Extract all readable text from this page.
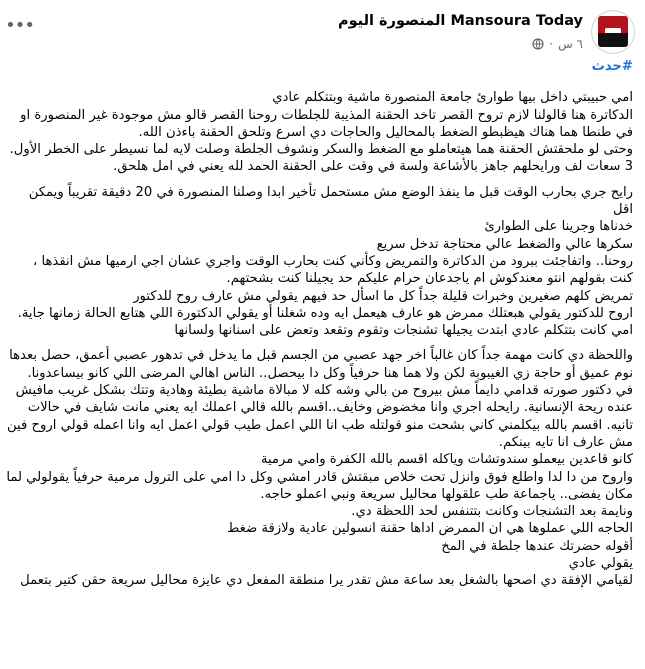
Mansoura Today المنصورة اليوم
٦ س
·
•••
#حدث

امي حبيبتي داخل بيها طوارئ جامعة المنصورة ماشية وبتتكلم عادي

الدكاترة هنا قالولنا لازم تروح القصر تاخد الحقنة المذيبة للجلطات روحنا القصر قالو مش موجودة غير المنصورة او في طنطا هما هناك هيظبطو الضغط بالمحاليل والحاجات دي اسرع وتلحق الحقنة باءذن الله.

وحتى لو ملحقتش الحقنة هما هيتعاملو مع الضغط والسكر ونشوف الجلطة وصلت لايه لما نسيطر على الخطر الأول.

3 سعات لف ورايحلهم جاهز بالأشاعة ولسة في وقت على الحقنة الحمد لله يعني في امل هلحق.

رايح جري بحارب الوقت قبل ما ينفذ الوضع مش مستحمل تأخير ابدا وصلنا المنصورة في 20 دقيقة تقريباً ويمكن اقل

خدناها وجرينا على الطوارئ

سكرها عالي والضغط عالي محتاجة تدخل سريع

روحنا.. واتفاجئت ببرود من الدكاترة والتمريض وكأني كنت بحارب الوقت واجري عشان اجي ارميها مش انقذها ، كنت بقولهم انتو معندكوش ام ياجدعان حرام عليكم حد يجيلنا كنت بشحتهم.

تمريض كلهم صغيرين وخبرات قليلة جداً كل ما اسأل حد فيهم يقولي مش عارف روح للدكتور

اروح للدكتور يقولي هبعتلك ممرض هو عارف هيعمل ايه وده شغلنا أو يقولي الدكتورة اللي هتابع الحالة زمانها جاية.

امي كانت بتتكلم عادي ابتدت يجيلها تشنجات وتقوم وتقعد وتعض على اسنانها ولسانها

واللحظة دي كانت مهمة جداً كان غالباً اخر جهد عصبي من الجسم قبل ما يدخل في تدهور عصبي أعمق، حصل بعدها نوم عميق أو حاجة زي الغيبوبة لكن ولا هما هنا حرفياً وكل دا بيحصل.. الناس اهالي المرضى اللي كانو بيساعدونا.

في دكتور صورته قدامي دايماً مش بيروح من بالي وشه كله لا مبالاة ماشية بطيئة وهادية وتتك بشكل غريب مافيش عنده ريحة الإنسانية. رايحله اجري وانا مخضوض وخايف..اقسم بالله قالي اعملك ايه يعني مانت شايف في حالات تانيه. اقسم بالله بيكلمني كاني بشحت منو قولتله طب انا اللي اعمل طيب قولي اعمل ايه وانا اعمله قولي اروح فين مش عارف انا تايه بينكم.

كانو قاعدين بيعملو سندوتشات وياكله اقسم بالله الكفرة وامي مرمية

واروح من دا لدا واطلع فوق وانزل تحت خلاص مبقتش قادر امشي وكل دا امي على الترول مرمية حرفياً يقولولي لما مكان يفضى.. ياجماعة طب علقولها محاليل سريعة ونبي اعملو حاجه.

ونايمة بعد التشنجات وكانت بتتنفس لحد اللحظة دي.

الحاجه اللي عملوها هي ان الممرض اداها حقنة انسولين عادية ولازقة ضغط

أقوله حضرتك عندها جلطة في المخ

يقولي عادي

لقيامي الإفقة دي اصحها بالشغل بعد ساعة مش تقدر يرا منطقة المفعل دي عايزة محاليل سريعة حقن كتير بتعمل
